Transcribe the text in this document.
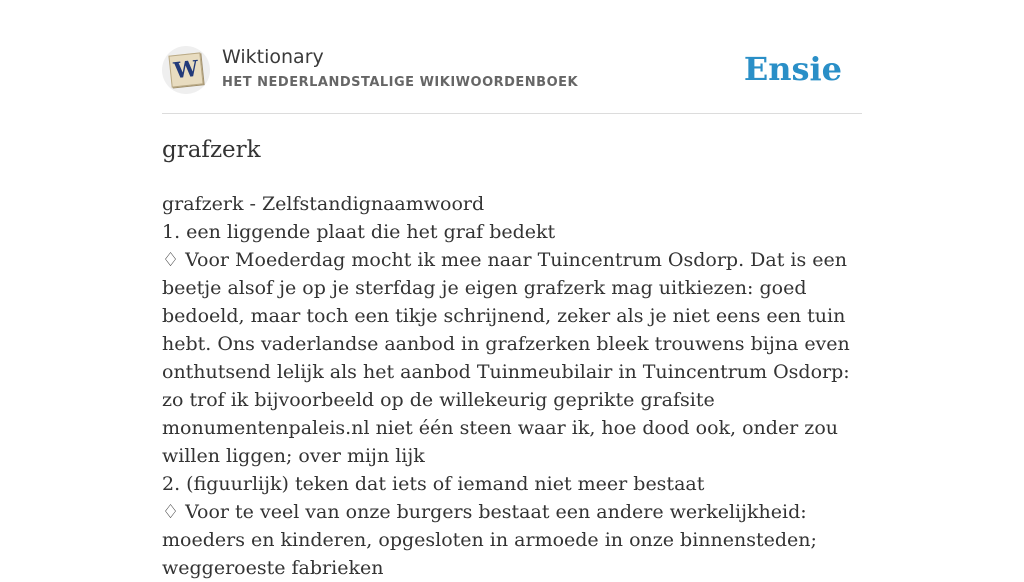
W Wiktionary
HET NEDERLANDSTALIGE WIKIWOORDENBOEK	Ensie
grafzerk

grafzerk - Zelfstandignaamwoord

1. een liggende plaat die het graf bedekt

♢ Voor Moederdag mocht ik mee naar Tuincentrum Osdorp. Dat is een beetje alsof je op je sterfdag je eigen grafzerk mag uitkiezen: goed bedoeld, maar toch een tikje schrijnend, zeker als je niet eens een tuin hebt. Ons vaderlandse aanbod in grafzerken bleek trouwens bijna even onthutsend lelijk als het aanbod Tuinmeubilair in Tuincentrum Osdorp: zo trof ik bijvoorbeeld op de willekeurig geprikte grafsite monumentenpaleis.nl niet één steen waar ik, hoe dood ook, onder zou willen liggen; over mijn lijk

2. (figuurlijk) teken dat iets of iemand niet meer bestaat

♢ Voor te veel van onze burgers bestaat een andere werkelijkheid: moeders en kinderen, opgesloten in armoede in onze binnensteden; weggeroeste fabrieken
